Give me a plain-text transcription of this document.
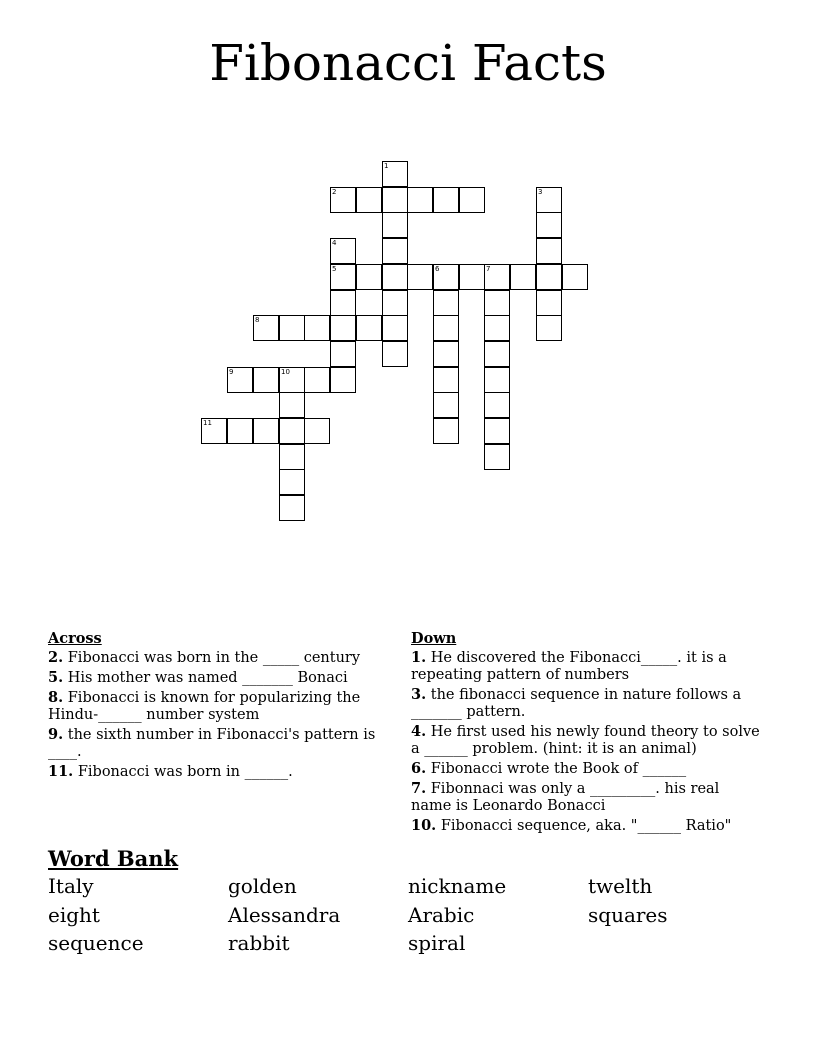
Fibonacci Facts
1
2	3
4
5	6	7
8
9	10
11
Across
2. Fibonacci was born in the _____ century
5. His mother was named _______ Bonaci
8. Fibonacci is known for popularizing the Hindu-______ number system
9. the sixth number in Fibonacci's pattern is ____.
11. Fibonacci was born in ______.
Down
1. He discovered the Fibonacci_____. it is a repeating pattern of numbers
3. the fibonacci sequence in nature follows a _______ pattern.
4. He first used his newly found theory to solve a ______ problem. (hint: it is an animal)
6. Fibonacci wrote the Book of ______
7. Fibonnaci was only a _________. his real name is Leonardo Bonacci
10. Fibonacci sequence, aka. "______ Ratio"
Word Bank
Italy	golden	nickname	twelth
eight	Alessandra	Arabic	squares
sequence	rabbit	spiral
